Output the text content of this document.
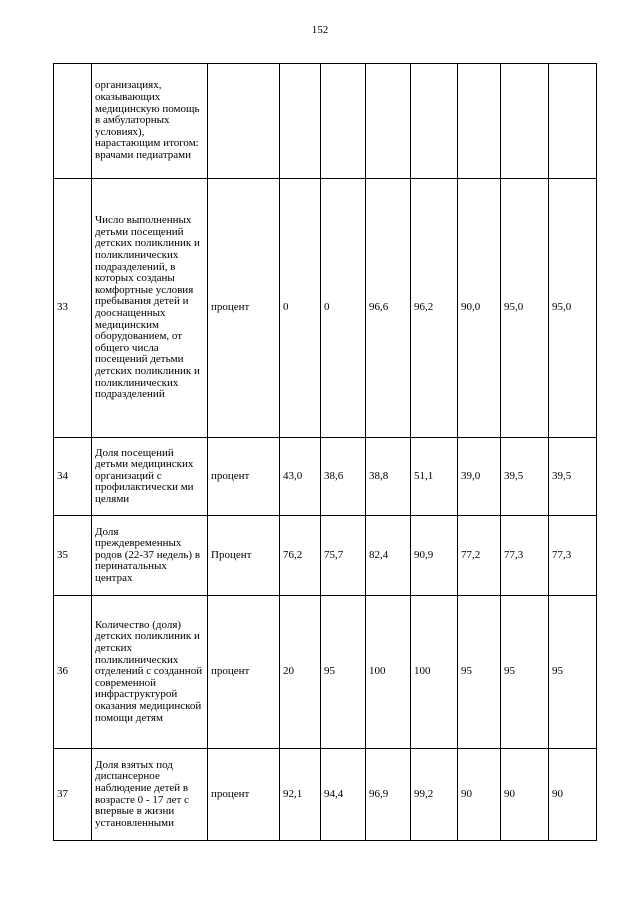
152
	организациях, оказывающих медицинскую помощь в амбулаторных условиях), нарастающим итогом: врачами педиатрами								
33	Число выполненных детьми посещений детских поликлиник и поликлинических подразделений, в которых созданы комфортные условия пребывания детей и дооснащенных медицинским оборудованием, от общего числа посещений детьми детских поликлиник и поликлинических подразделений	процент	0	0	96,6	96,2	90,0	95,0	95,0
34	Доля посещений детьми медицинских организаций с профилактически ми целями	процент	43,0	38,6	38,8	51,1	39,0	39,5	39,5
35	Доля преждевременных родов (22-37 недель) в перинатальных центрах	Процент	76,2	75,7	82,4	90,9	77,2	77,3	77,3
36	Количество (доля) детских поликлиник и детских поликлинических отделений с созданной современной инфраструктурой оказания медицинской помощи детям	процент	20	95	100	100	95	95	95
37	Доля взятых под диспансерное наблюдение детей в возрасте 0 - 17 лет с впервые в жизни установленными	процент	92,1	94,4	96,9	99,2	90	90	90
